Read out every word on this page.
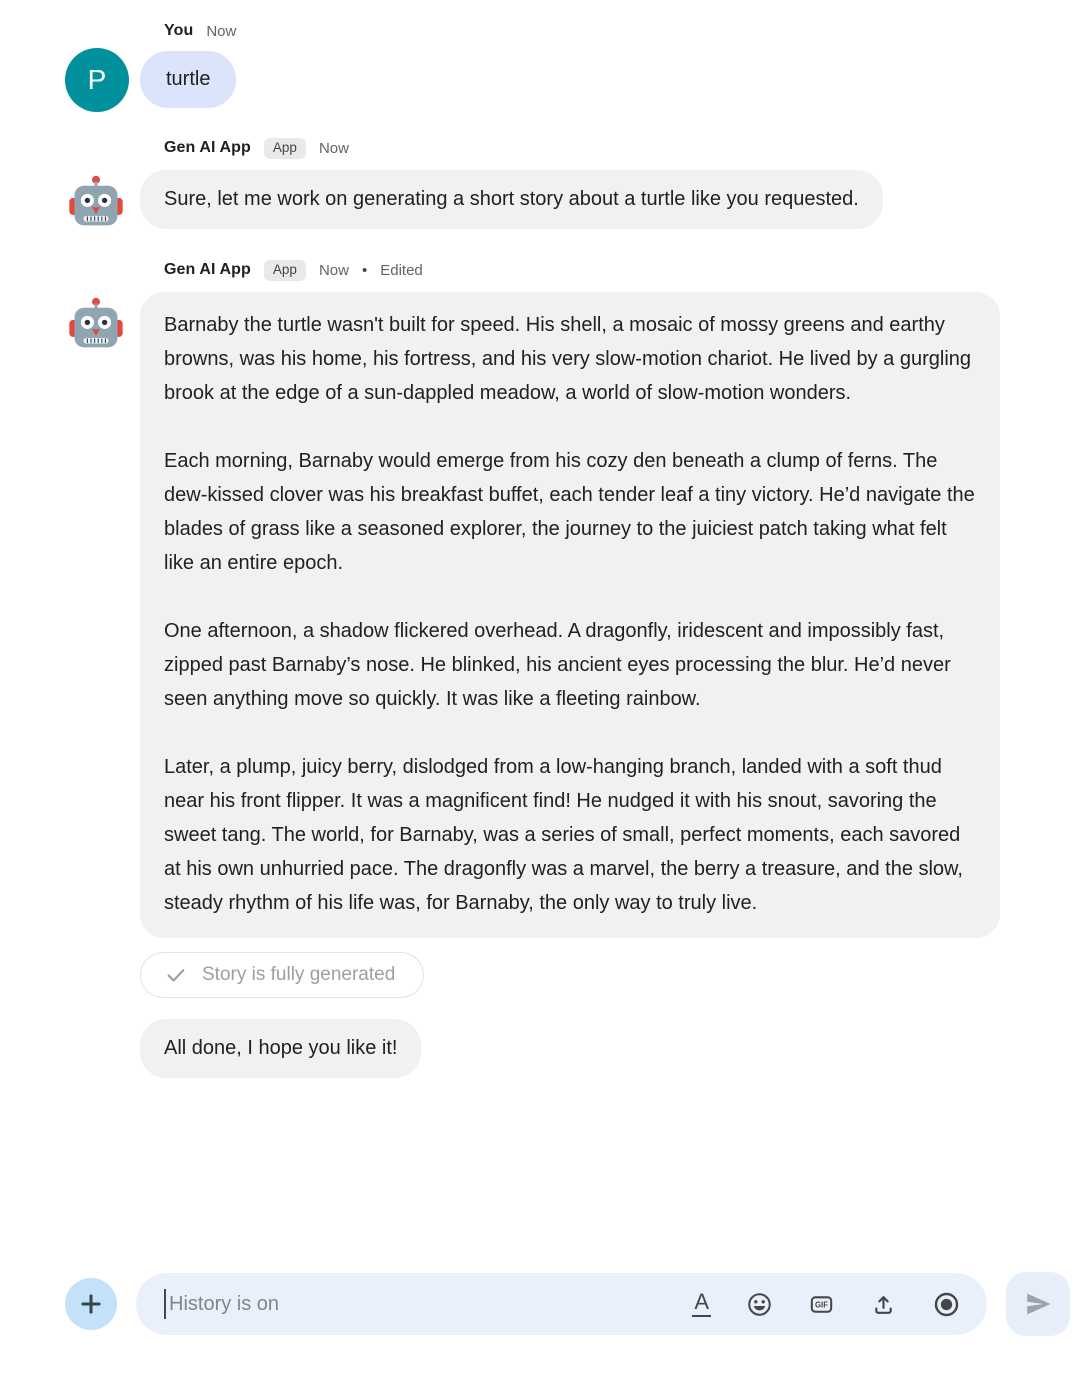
P
You Now
turtle
Gen AI App	App	Now
Sure, let me work on generating a short story about a turtle like you requested.
Gen AI App	App	Now • Edited

Barnaby the turtle wasn't built for speed. His shell, a mosaic of mossy greens and earthy browns, was his home, his fortress, and his very slow-motion chariot. He lived by a gurgling brook at the edge of a sun-dappled meadow, a world of slow-motion wonders.

Each morning, Barnaby would emerge from his cozy den beneath a clump of ferns. The dew-kissed clover was his breakfast buffet, each tender leaf a tiny victory. He’d navigate the blades of grass like a seasoned explorer, the journey to the juiciest patch taking what felt like an entire epoch.

One afternoon, a shadow flickered overhead. A dragonfly, iridescent and impossibly fast, zipped past Barnaby’s nose. He blinked, his ancient eyes processing the blur. He’d never seen anything move so quickly. It was like a fleeting rainbow.

Later, a plump, juicy berry, dislodged from a low-hanging branch, landed with a soft thud near his front flipper. It was a magnificent find! He nudged it with his snout, savoring the sweet tang. The world, for Barnaby, was a series of small, perfect moments, each savored at his own unhurried pace. The dragonfly was a marvel, the berry a treasure, and the slow, steady rhythm of his life was, for Barnaby, the only way to truly live.

Story is fully generated
All done, I hope you like it!
History is on	A	GIF
